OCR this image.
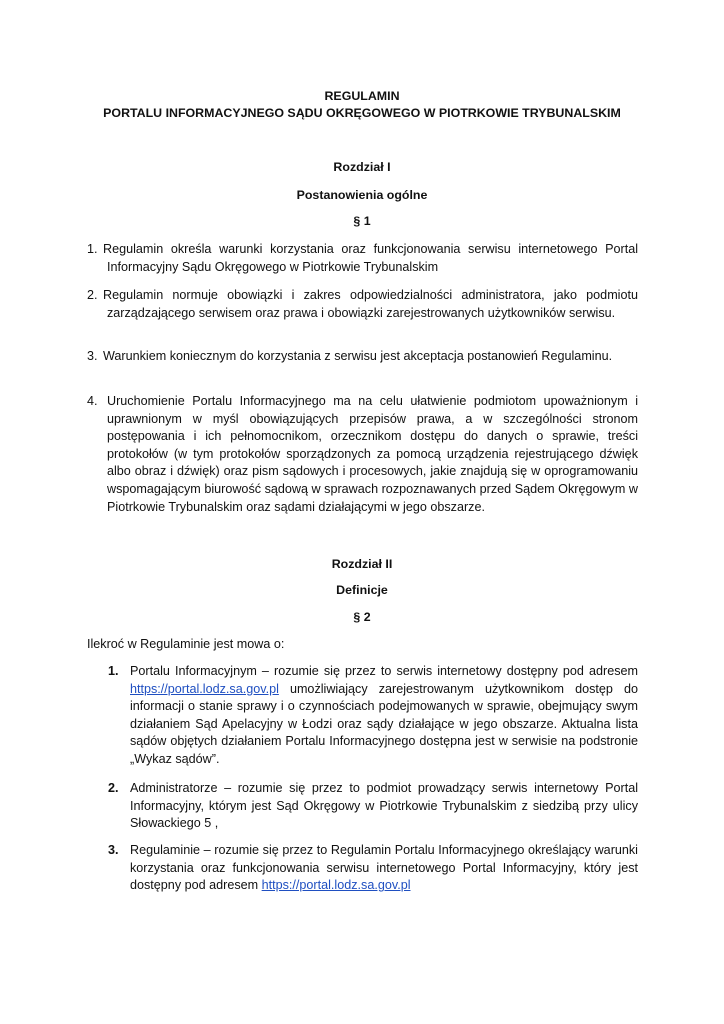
REGULAMIN
PORTALU INFORMACYJNEGO SĄDU OKRĘGOWEGO W PIOTRKOWIE TRYBUNALSKIM
Rozdział I
Postanowienia ogólne
§ 1
1. Regulamin określa warunki korzystania oraz funkcjonowania serwisu internetowego Portal Informacyjny Sądu Okręgowego w Piotrkowie Trybunalskim
2. Regulamin normuje obowiązki i zakres odpowiedzialności administratora, jako podmiotu zarządzającego serwisem oraz prawa i obowiązki zarejestrowanych użytkowników serwisu.
3. Warunkiem koniecznym do korzystania z serwisu jest akceptacja postanowień Regulaminu.
4. Uruchomienie Portalu Informacyjnego ma na celu ułatwienie podmiotom upoważnionym i uprawnionym w myśl obowiązujących przepisów prawa, a w szczególności stronom postępowania i ich pełnomocnikom, orzecznikom dostępu do danych o sprawie, treści protokołów (w tym protokołów sporządzonych za pomocą urządzenia rejestrującego dźwięk albo obraz i dźwięk) oraz pism sądowych i procesowych, jakie znajdują się w oprogramowaniu wspomagającym biurowość sądową w sprawach rozpoznawanych przed Sądem Okręgowym w Piotrkowie Trybunalskim oraz sądami działającymi w jego obszarze.
Rozdział II
Definicje
§ 2
Ilekroć w Regulaminie jest mowa o:
1. Portalu Informacyjnym – rozumie się przez to serwis internetowy dostępny pod adresem https://portal.lodz.sa.gov.pl umożliwiający zarejestrowanym użytkownikom dostęp do informacji o stanie sprawy i o czynnościach podejmowanych w sprawie, obejmujący swym działaniem Sąd Apelacyjny w Łodzi oraz sądy działające w jego obszarze. Aktualna lista sądów objętych działaniem Portalu Informacyjnego dostępna jest w serwisie na podstronie „Wykaz sądów”.
2. Administratorze – rozumie się przez to podmiot prowadzący serwis internetowy Portal Informacyjny, którym jest Sąd Okręgowy w Piotrkowie Trybunalskim z siedzibą przy ulicy Słowackiego 5 ,
3. Regulaminie – rozumie się przez to Regulamin Portalu Informacyjnego określający warunki korzystania oraz funkcjonowania serwisu internetowego Portal Informacyjny, który jest dostępny pod adresem https://portal.lodz.sa.gov.pl
